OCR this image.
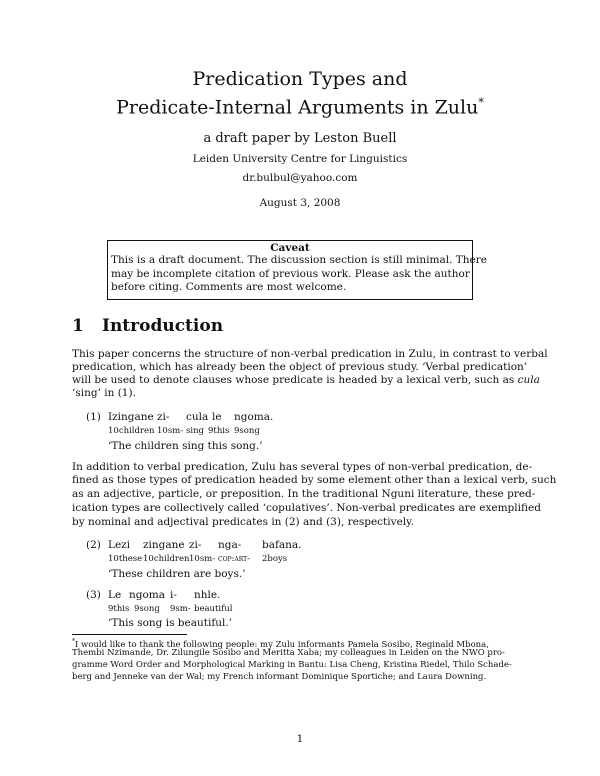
Predication Types and
Predicate-Internal Arguments in Zulu*
a draft paper by Leston Buell
Leiden University Centre for Linguistics
dr.bulbul@yahoo.com
August 3, 2008
Caveat
This is a draft document. The discussion section is still minimal. There
may be incomplete citation of previous work. Please ask the author
before citing. Comments are most welcome.
1 Introduction
This paper concerns the structure of non-verbal predication in Zulu, in contrast to verbal
predication, which has already been the object of previous study. ‘Verbal predication’
will be used to denote clauses whose predicate is headed by a lexical verb, such as cula
‘sing’ in (1).
(1) Izingane zi- cula le ngoma.
10children 10sm- sing 9this 9song
‘The children sing this song.’
In addition to verbal predication, Zulu has several types of non-verbal predication, de-
fined as those types of predication headed by some element other than a lexical verb, such
as an adjective, particle, or preposition. In the traditional Nguni literature, these pred-
ication types are collectively called ‘copulatives’. Non-verbal predicates are exemplified
by nominal and adjectival predicates in (2) and (3), respectively.
(2) Lezi zingane zi- nga- bafana.
10these 10children 10sm- cop:art- 2boys
‘These children are boys.’
(3) Le ngoma i- nhle.
9this 9song 9sm- beautiful
‘This song is beautiful.’
*I would like to thank the following people: my Zulu informants Pamela Sosibo, Reginald Mbona,
Thembi Nzimande, Dr. Zilungile Sosibo and Meritta Xaba; my colleagues in Leiden on the NWO pro-
gramme Word Order and Morphological Marking in Bantu: Lisa Cheng, Kristina Riedel, Thilo Schade-
berg and Jenneke van der Wal; my French informant Dominique Sportiche; and Laura Downing.
1
